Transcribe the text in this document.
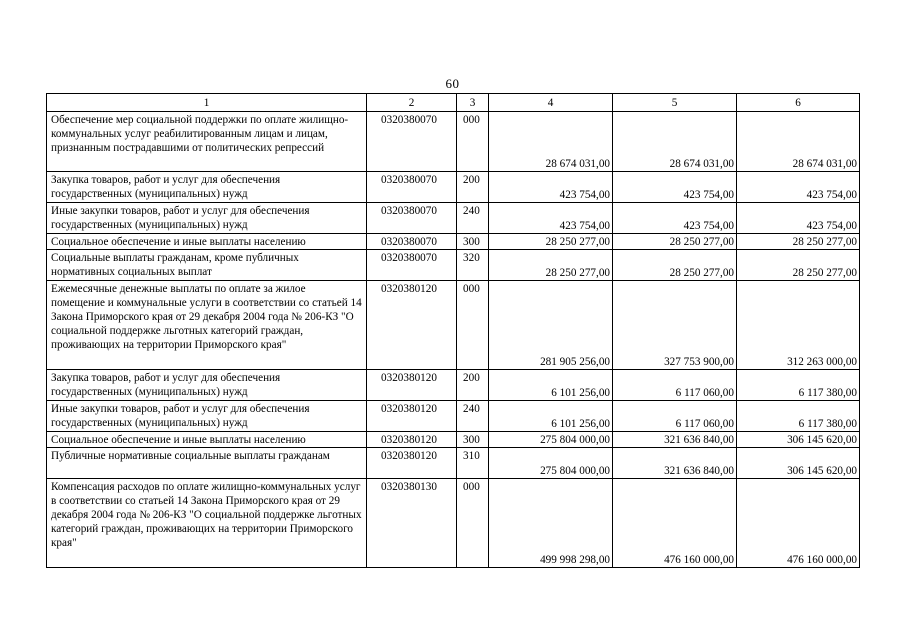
60
1	2	3	4	5	6
Обеспечение мер социальной поддержки по оплате жилищно-коммунальных услуг реабилитированным лицам и лицам, признанным пострадавшими от политических репрессий	0320380070	000	28 674 031,00	28 674 031,00	28 674 031,00
Закупка товаров, работ и услуг для обеспечения государственных (муниципальных) нужд	0320380070	200	423 754,00	423 754,00	423 754,00
Иные закупки товаров, работ и услуг для обеспечения государственных (муниципальных) нужд	0320380070	240	423 754,00	423 754,00	423 754,00
Социальное обеспечение и иные выплаты населению	0320380070	300	28 250 277,00	28 250 277,00	28 250 277,00
Социальные выплаты гражданам, кроме публичных нормативных социальных выплат	0320380070	320	28 250 277,00	28 250 277,00	28 250 277,00
Ежемесячные денежные выплаты по оплате за жилое помещение и коммунальные услуги в соответствии со статьей 14 Закона Приморского края от 29 декабря 2004 года № 206-КЗ "О социальной поддержке льготных категорий граждан, проживающих на территории Приморского края"	0320380120	000	281 905 256,00	327 753 900,00	312 263 000,00
Закупка товаров, работ и услуг для обеспечения государственных (муниципальных) нужд	0320380120	200	6 101 256,00	6 117 060,00	6 117 380,00
Иные закупки товаров, работ и услуг для обеспечения государственных (муниципальных) нужд	0320380120	240	6 101 256,00	6 117 060,00	6 117 380,00
Социальное обеспечение и иные выплаты населению	0320380120	300	275 804 000,00	321 636 840,00	306 145 620,00
Публичные нормативные социальные выплаты гражданам	0320380120	310	275 804 000,00	321 636 840,00	306 145 620,00
Компенсация расходов по оплате жилищно-коммунальных услуг в соответствии со статьей 14 Закона Приморского края от 29 декабря 2004 года № 206-КЗ "О социальной поддержке льготных категорий граждан, проживающих на территории Приморского края"	0320380130	000	499 998 298,00	476 160 000,00	476 160 000,00
